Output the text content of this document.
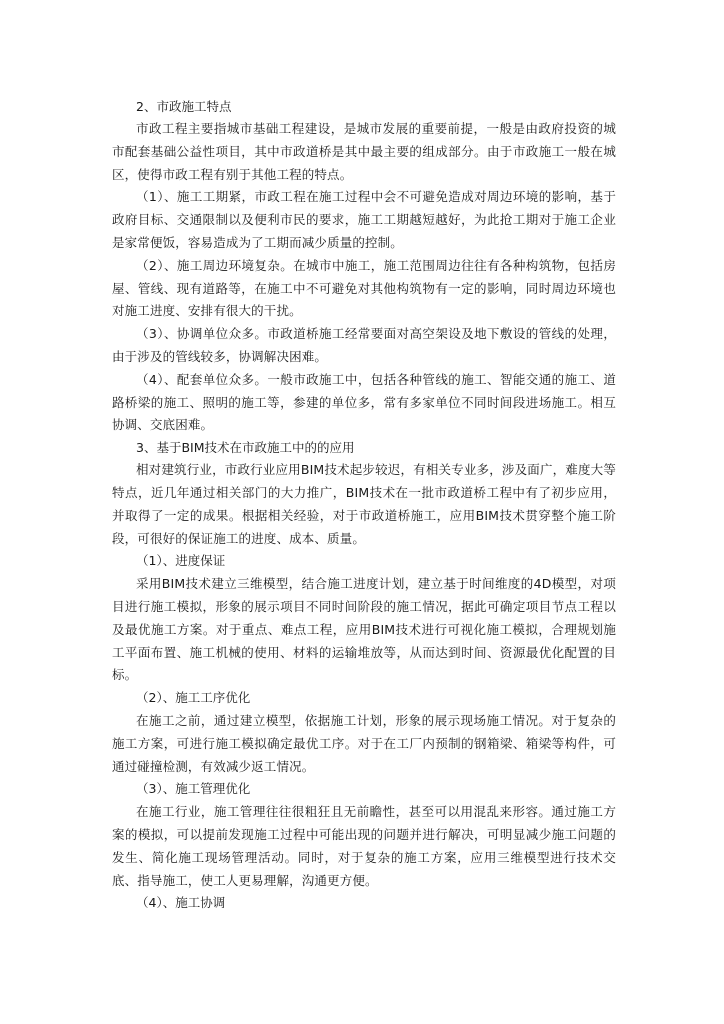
2、市政施工特点

市政工程主要指城市基础工程建设，是城市发展的重要前提，一般是由政府投资的城市配套基础公益性项目，其中市政道桥是其中最主要的组成部分。由于市政施工一般在城区，使得市政工程有别于其他工程的特点。

（1）、施工工期紧，市政工程在施工过程中会不可避免造成对周边环境的影响，基于政府目标、交通限制以及便利市民的要求，施工工期越短越好，为此抢工期对于施工企业是家常便饭，容易造成为了工期而减少质量的控制。

（2）、施工周边环境复杂。在城市中施工，施工范围周边往往有各种构筑物，包括房屋、管线、现有道路等，在施工中不可避免对其他构筑物有一定的影响，同时周边环境也对施工进度、安排有很大的干扰。

（3）、协调单位众多。市政道桥施工经常要面对高空架设及地下敷设的管线的处理，由于涉及的管线较多，协调解决困难。

（4）、配套单位众多。一般市政施工中，包括各种管线的施工、智能交通的施工、道路桥梁的施工、照明的施工等，参建的单位多，常有多家单位不同时间段进场施工。相互协调、交底困难。

3、基于BIM技术在市政施工中的的应用

相对建筑行业，市政行业应用BIM技术起步较迟，有相关专业多，涉及面广，难度大等特点，近几年通过相关部门的大力推广，BIM技术在一批市政道桥工程中有了初步应用，并取得了一定的成果。根据相关经验，对于市政道桥施工，应用BIM技术贯穿整个施工阶段，可很好的保证施工的进度、成本、质量。

（1）、进度保证

采用BIM技术建立三维模型，结合施工进度计划，建立基于时间维度的4D模型，对项目进行施工模拟，形象的展示项目不同时间阶段的施工情况，据此可确定项目节点工程以及最优施工方案。对于重点、难点工程，应用BIM技术进行可视化施工模拟，合理规划施工平面布置、施工机械的使用、材料的运输堆放等，从而达到时间、资源最优化配置的目标。

（2）、施工工序优化

在施工之前，通过建立模型，依据施工计划，形象的展示现场施工情况。对于复杂的施工方案，可进行施工模拟确定最优工序。对于在工厂内预制的钢箱梁、箱梁等构件，可通过碰撞检测，有效减少返工情况。

（3）、施工管理优化

在施工行业，施工管理往往很粗狂且无前瞻性，甚至可以用混乱来形容。通过施工方案的模拟，可以提前发现施工过程中可能出现的问题并进行解决，可明显减少施工问题的发生、简化施工现场管理活动。同时，对于复杂的施工方案，应用三维模型进行技术交底、指导施工，使工人更易理解，沟通更方便。

（4）、施工协调
